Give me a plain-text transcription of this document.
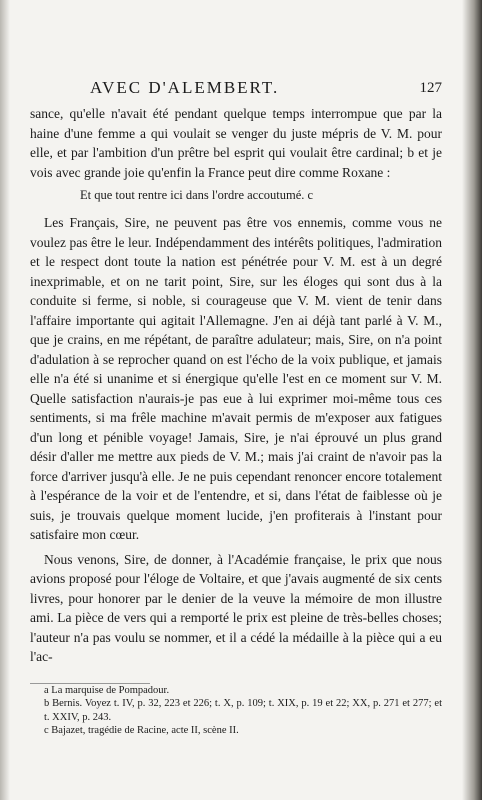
AVEC D'ALEMBERT.	127

sance, qu'elle n'avait été pendant quelque temps interrompue que par la haine d'une femme a qui voulait se venger du juste mépris de V. M. pour elle, et par l'ambition d'un prêtre bel esprit qui voulait être cardinal; b et je vois avec grande joie qu'enfin la France peut dire comme Roxane :

Et que tout rentre ici dans l'ordre accoutumé. c

Les Français, Sire, ne peuvent pas être vos ennemis, comme vous ne voulez pas être le leur. Indépendamment des intérêts politiques, l'admiration et le respect dont toute la nation est pénétrée pour V. M. est à un degré inexprimable, et on ne tarit point, Sire, sur les éloges qui sont dus à la conduite si ferme, si noble, si courageuse que V. M. vient de tenir dans l'affaire importante qui agitait l'Allemagne. J'en ai déjà tant parlé à V. M., que je crains, en me répétant, de paraître adulateur; mais, Sire, on n'a point d'adulation à se reprocher quand on est l'écho de la voix publique, et jamais elle n'a été si unanime et si énergique qu'elle l'est en ce moment sur V. M. Quelle satisfaction n'aurais-je pas eue à lui exprimer moi-même tous ces sentiments, si ma frêle machine m'avait permis de m'exposer aux fatigues d'un long et pénible voyage! Jamais, Sire, je n'ai éprouvé un plus grand désir d'aller me mettre aux pieds de V. M.; mais j'ai craint de n'avoir pas la force d'arriver jusqu'à elle. Je ne puis cependant renoncer encore totalement à l'espérance de la voir et de l'entendre, et si, dans l'état de faiblesse où je suis, je trouvais quelque moment lucide, j'en profiterais à l'instant pour satisfaire mon cœur.

Nous venons, Sire, de donner, à l'Académie française, le prix que nous avions proposé pour l'éloge de Voltaire, et que j'avais augmenté de six cents livres, pour honorer par le denier de la veuve la mémoire de mon illustre ami. La pièce de vers qui a remporté le prix est pleine de très-belles choses; l'auteur n'a pas voulu se nommer, et il a cédé la médaille à la pièce qui a eu l'ac-

a La marquise de Pompadour.

b Bernis. Voyez t. IV, p. 32, 223 et 226; t. X, p. 109; t. XIX, p. 19 et 22; XX, p. 271 et 277; et t. XXIV, p. 243.

c Bajazet, tragédie de Racine, acte II, scène II.
